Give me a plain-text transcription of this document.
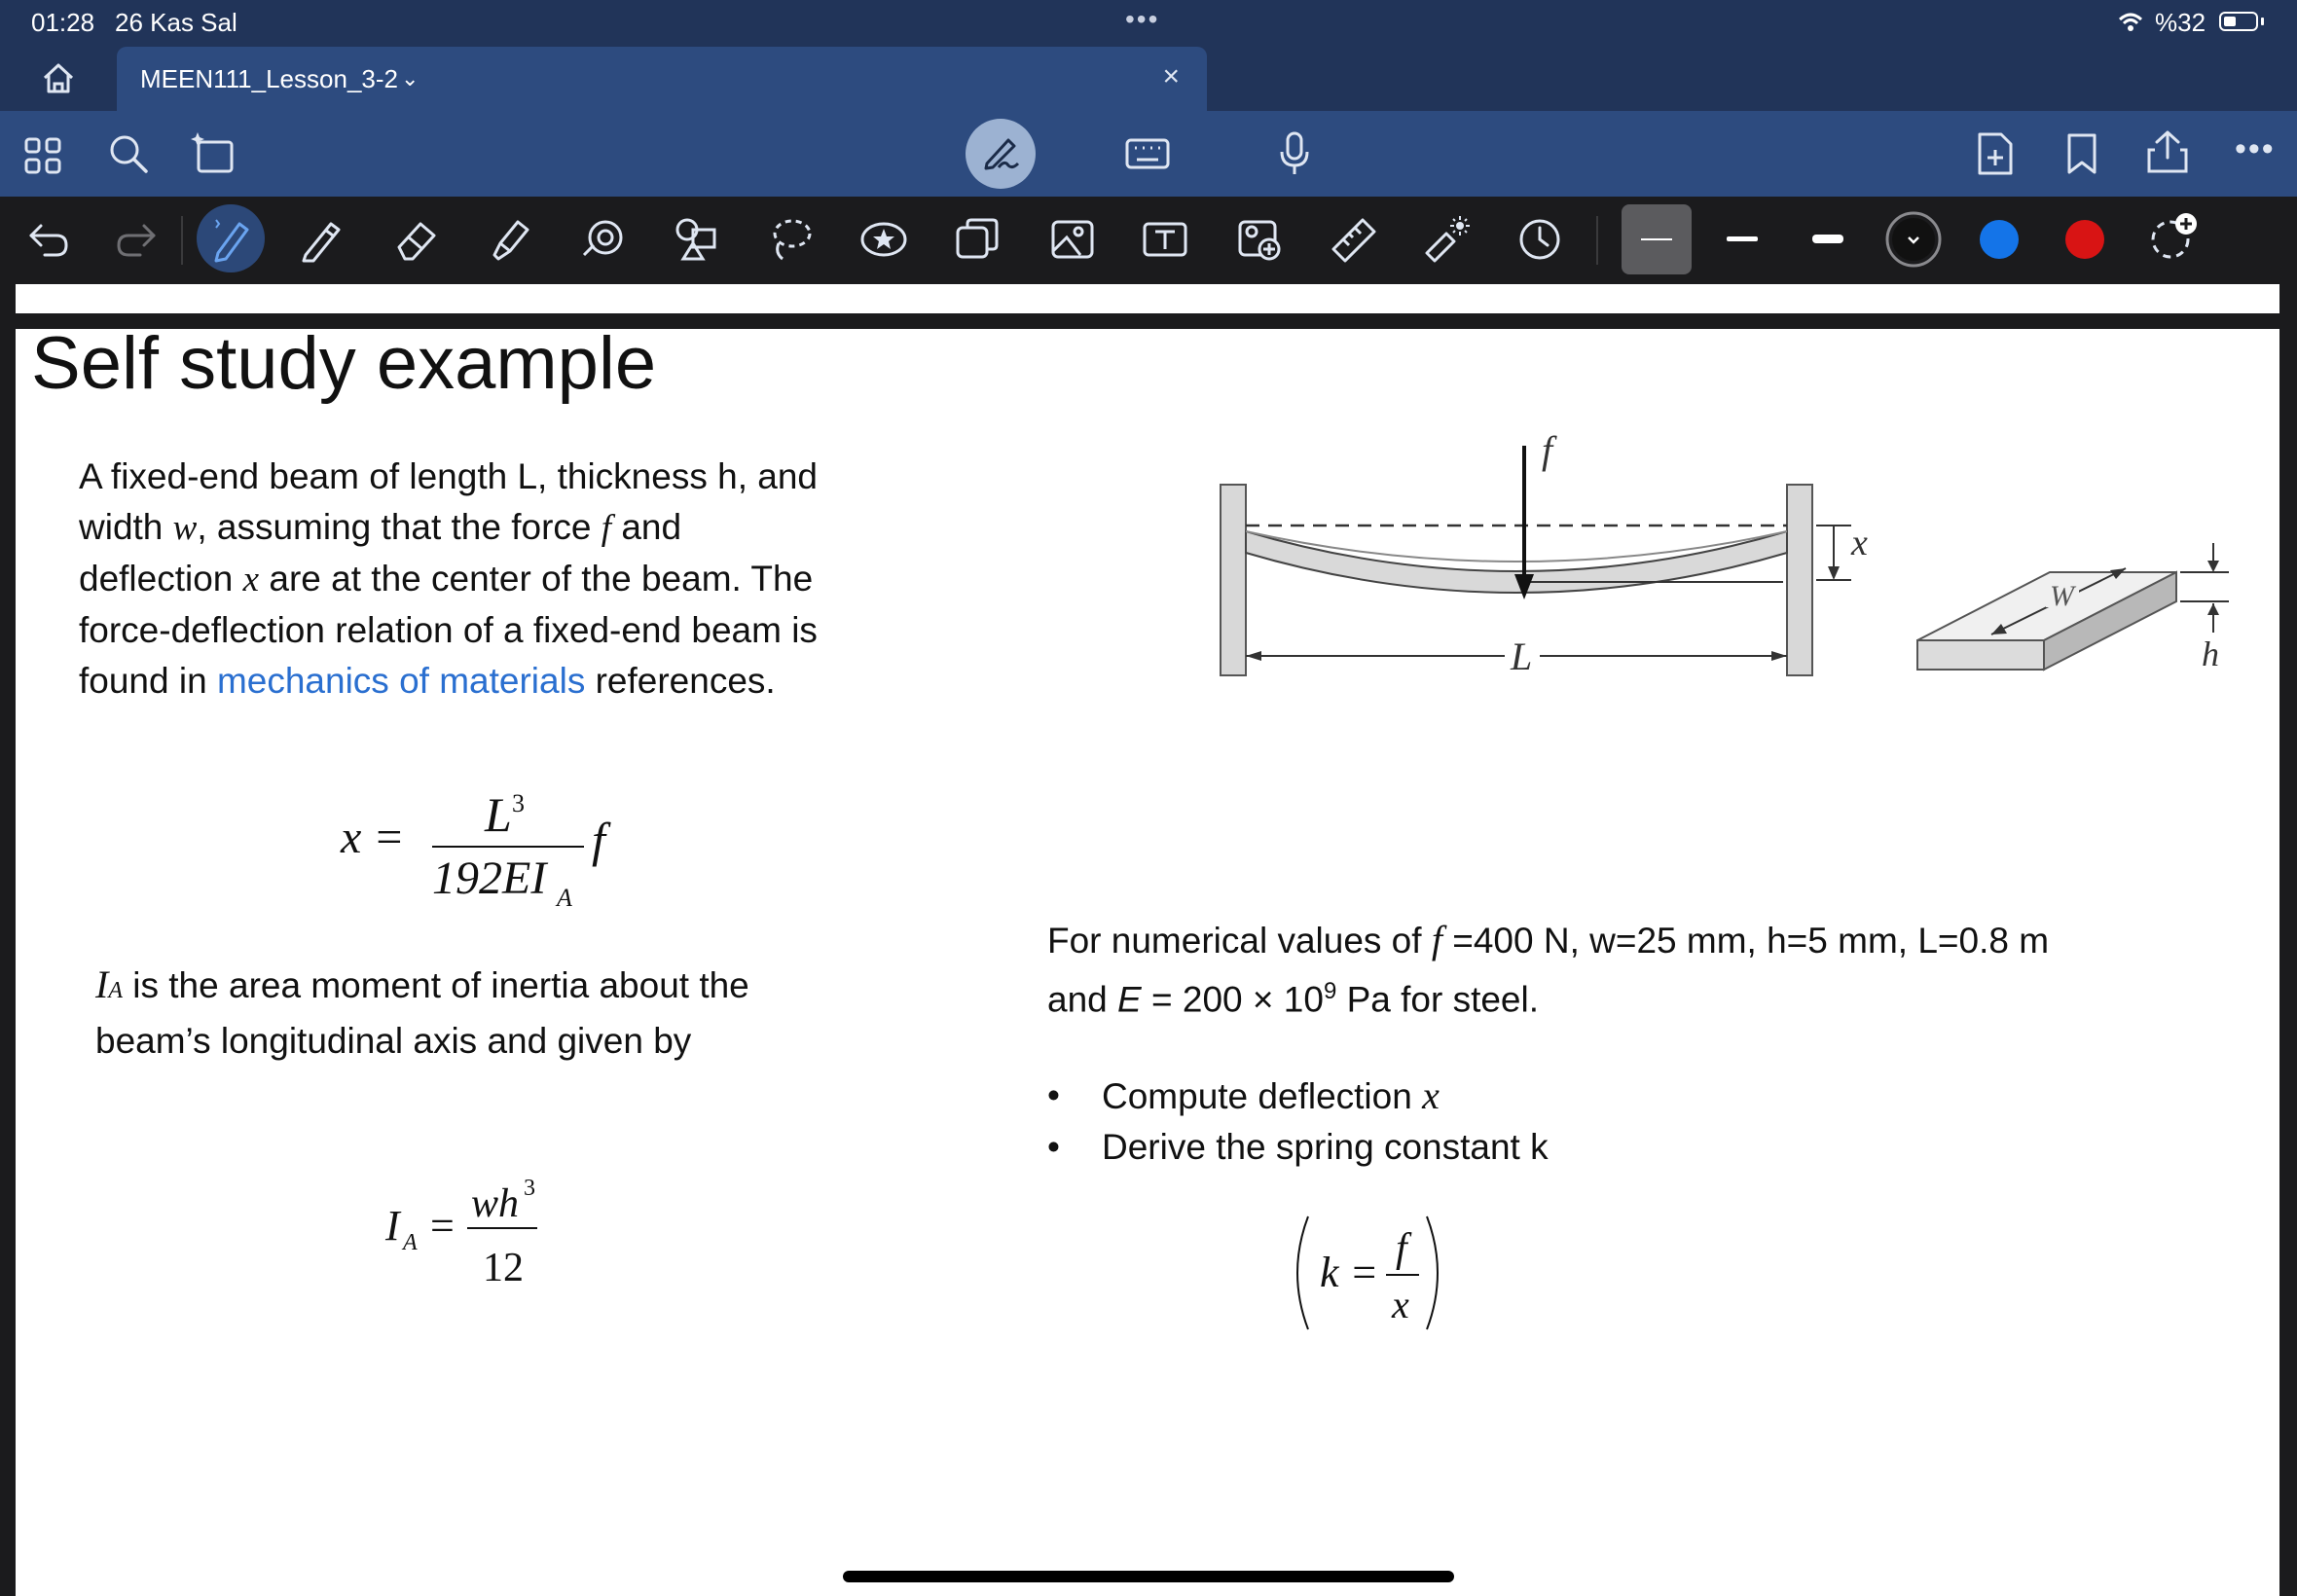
01:28 26 Kas Sal	•••	%32
MEEN111_Lesson_3-2 ⌄	×
•••
Self study example
A fixed-end beam of length L, thickness h, and
width w, assuming that the force f and
deflection x are at the center of the beam. The
force-deflection relation of a fixed-end beam is
found in mechanics of materials references.
x = L 3
192EI A
f
IA is the area moment of inertia about the
beam’s longitudinal axis and given by
I A = wh 3
12
f
L
x
W
h
For numerical values of f =400 N, w=25 mm, h=5 mm, L=0.8 m
and $E = 200 \times 10^9$ Pa for steel.
• Compute deflection x
• Derive the spring constant k
k = f
x
